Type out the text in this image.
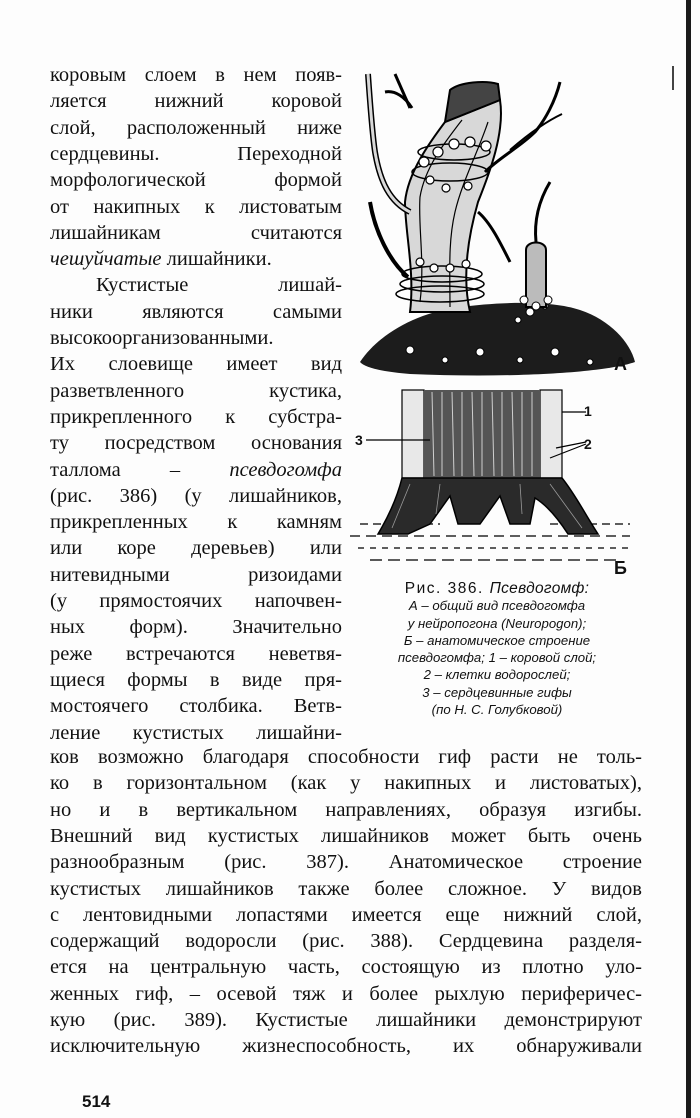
коровым слоем в нем появ-
ляется нижний коровой
слой, расположенный ниже
сердцевины. Переходной
морфологической формой
от накипных к листоватым
лишайникам считаются
чешуйчатые лишайники.
Кустистые лишай-
ники являются самыми
высокоорганизованными.
Их слоевище имеет вид
разветвленного кустика,
прикрепленного к субстра-
ту посредством основания
таллома – псевдогомфа
(рис. 386) (у лишайников,
прикрепленных к камням
или коре деревьев) или
нитевидными ризоидами
(у прямостоячих напочвен-
ных форм). Значительно
реже встречаются неветвя-
щиеся формы в виде пря-
мостоячего столбика. Ветв-
ление кустистых лишайни-
ков возможно благодаря способности гиф расти не толь-
ко в горизонтальном (как у накипных и листоватых),
но и в вертикальном направлениях, образуя изгибы.
Внешний вид кустистых лишайников может быть очень
разнообразным (рис. 387). Анатомическое строение
кустистых лишайников также более сложное. У видов
с лентовидными лопастями имеется еще нижний слой,
содержащий водоросли (рис. 388). Сердцевина разделя-
ется на центральную часть, состоящую из плотно уло-
женных гиф, – осевой тяж и более рыхлую периферичес-
кую (рис. 389). Кустистые лишайники демонстрируют
исключительную жизнеспособность, их обнаруживали
А
1
2
3
Б
Рис. 386. Псевдогомф:
А – общий вид псевдогомфа
у нейропогона (Neuropogon);
Б – анатомическое строение
псевдогомфа; 1 – коровой слой;
2 – клетки водорослей;
3 – сердцевинные гифы
(по Н. С. Голубковой)
514
